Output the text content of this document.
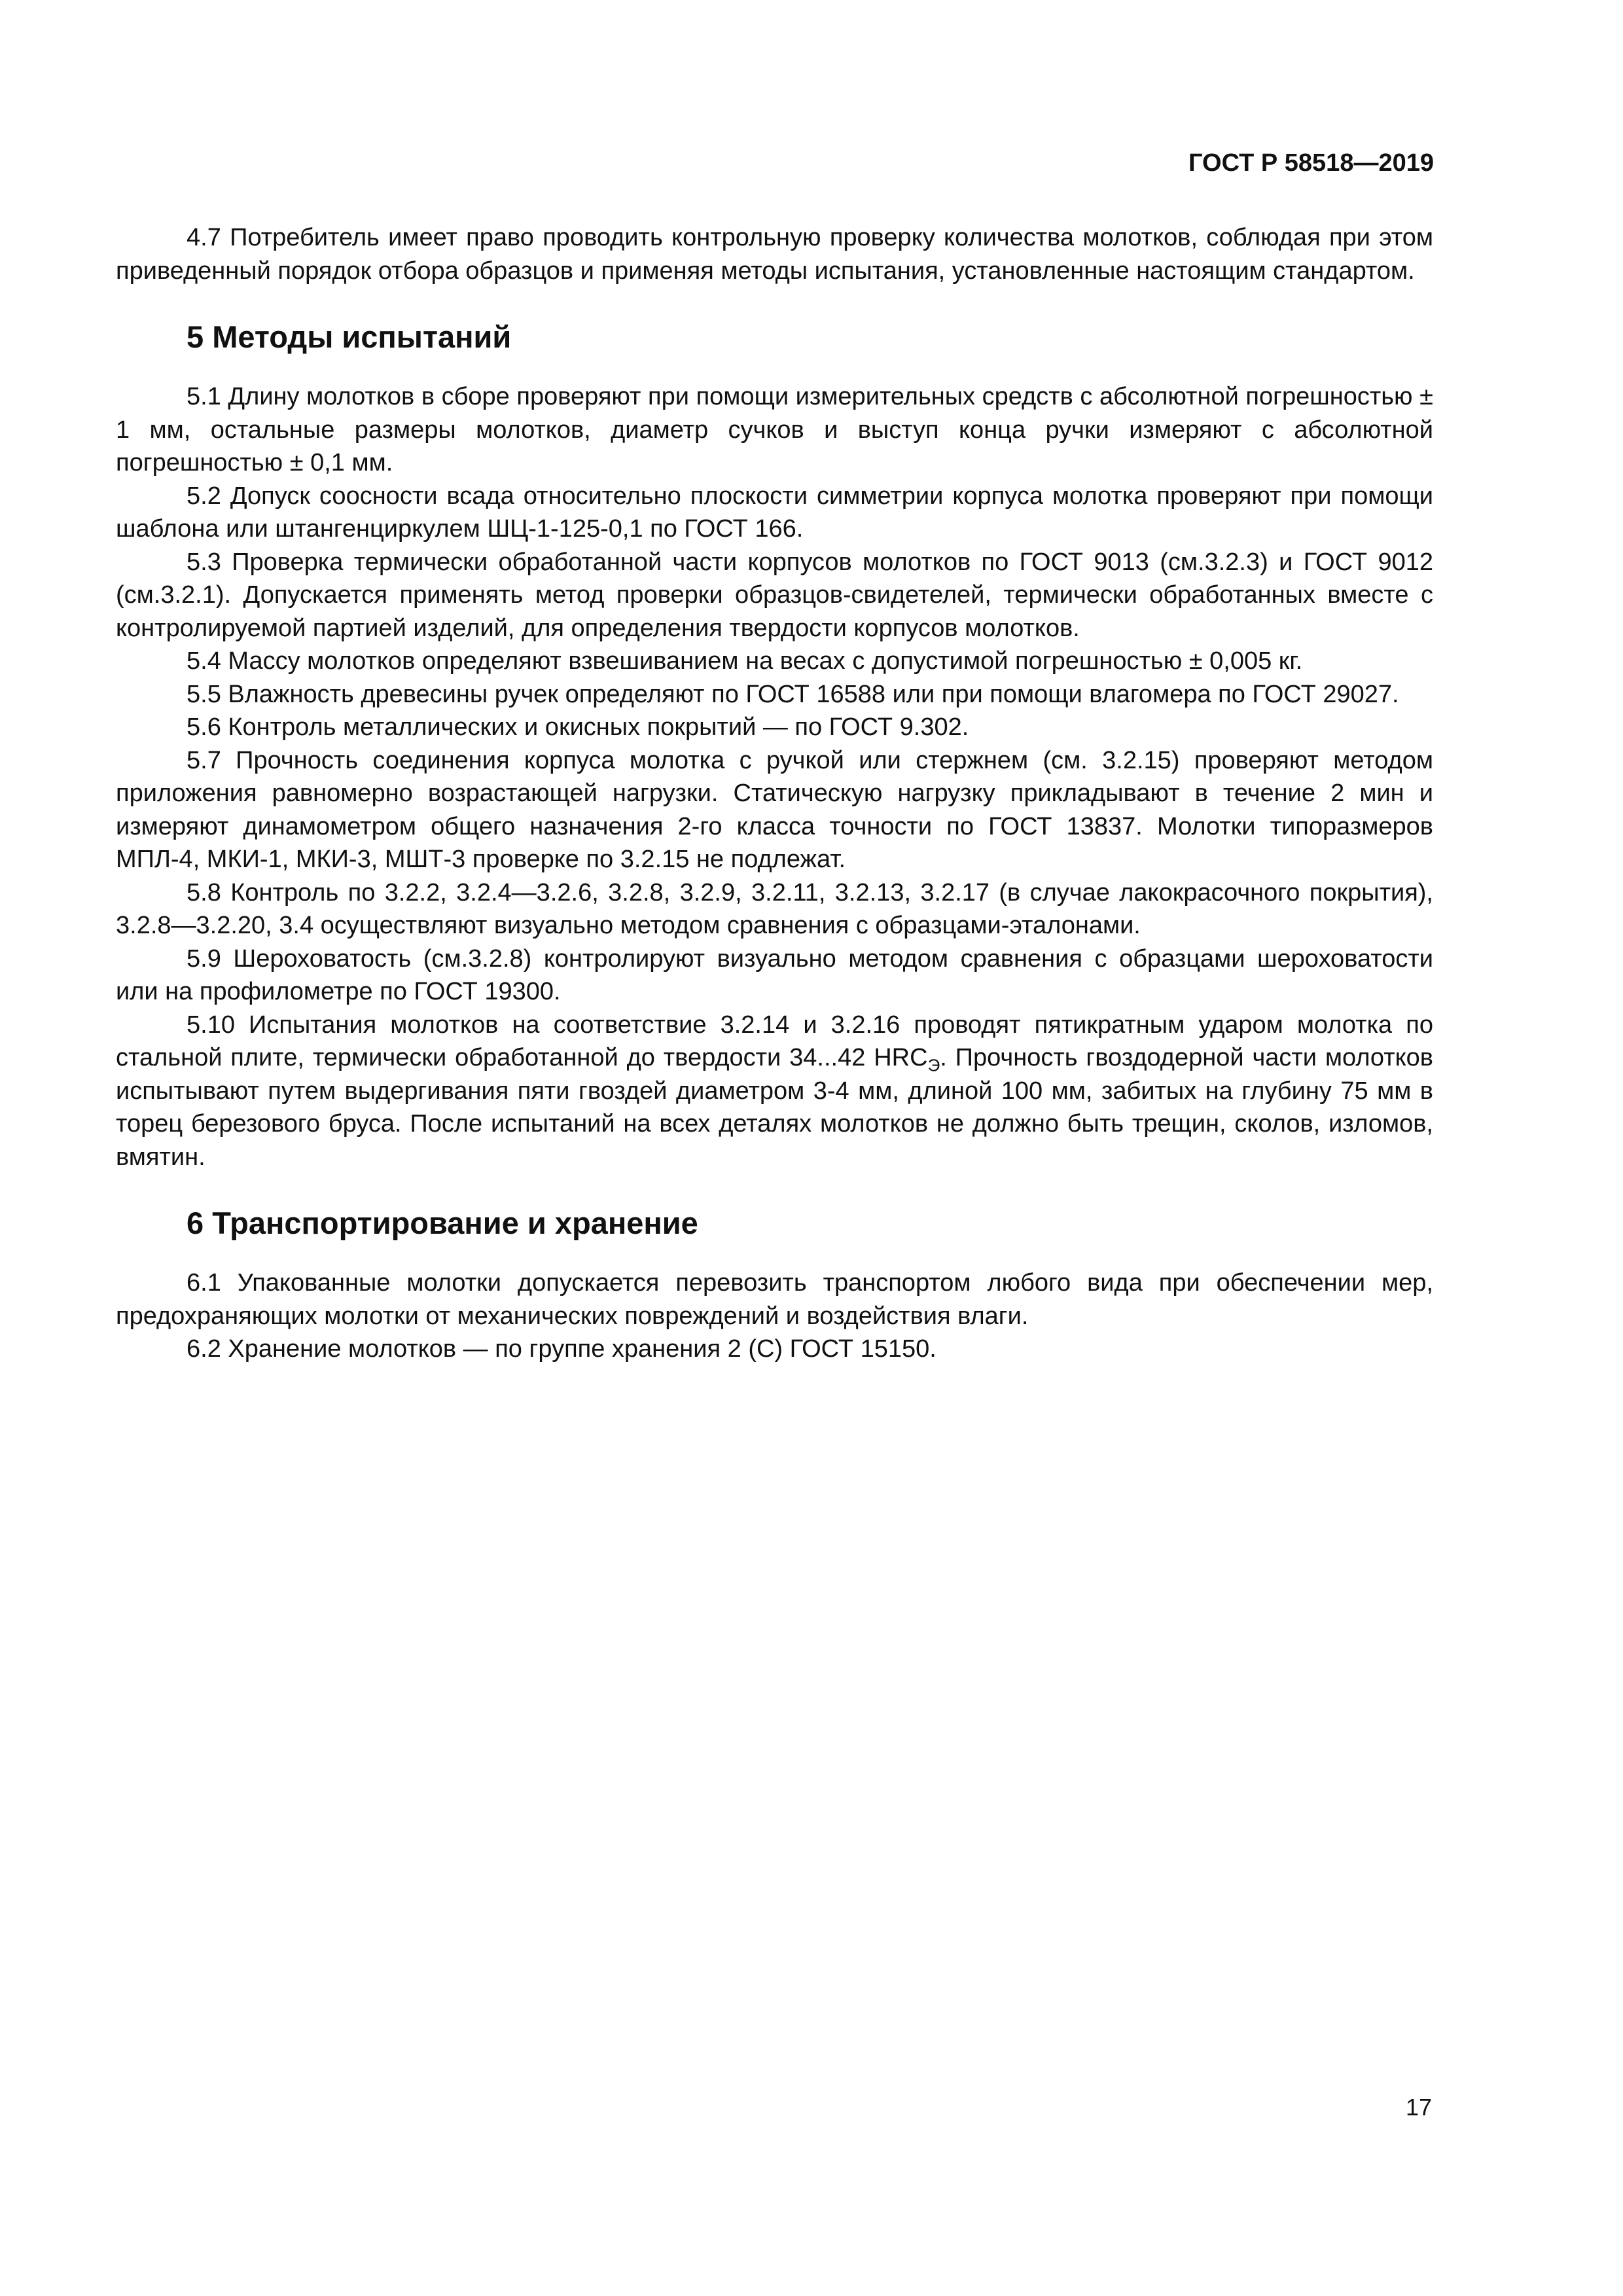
ГОСТ Р 58518—2019

4.7 Потребитель имеет право проводить контрольную проверку количества молотков, соблюдая при этом приведенный порядок отбора образцов и применяя методы испытания, установленные настоящим стандартом.

5 Методы испытаний

5.1 Длину молотков в сборе проверяют при помощи измерительных средств с абсолютной погрешностью ± 1 мм, остальные размеры молотков, диаметр сучков и выступ конца ручки измеряют с абсолютной погрешностью ± 0,1 мм.

5.2 Допуск соосности всада относительно плоскости симметрии корпуса молотка проверяют при помощи шаблона или штангенциркулем ШЦ-1-125-0,1 по ГОСТ 166.

5.3 Проверка термически обработанной части корпусов молотков по ГОСТ 9013 (см.3.2.3) и ГОСТ 9012 (см.3.2.1). Допускается применять метод проверки образцов-свидетелей, термически обработанных вместе с контролируемой партией изделий, для определения твердости корпусов молотков.

5.4 Массу молотков определяют взвешиванием на весах с допустимой погрешностью ± 0,005 кг.

5.5 Влажность древесины ручек определяют по ГОСТ 16588 или при помощи влагомера по ГОСТ 29027.

5.6 Контроль металлических и окисных покрытий — по ГОСТ 9.302.

5.7 Прочность соединения корпуса молотка с ручкой или стержнем (см. 3.2.15) проверяют методом приложения равномерно возрастающей нагрузки. Статическую нагрузку прикладывают в течение 2 мин и измеряют динамометром общего назначения 2-го класса точности по ГОСТ 13837. Молотки типоразмеров МПЛ-4, МКИ-1, МКИ-3, МШТ-3 проверке по 3.2.15 не подлежат.

5.8 Контроль по 3.2.2, 3.2.4—3.2.6, 3.2.8, 3.2.9, 3.2.11, 3.2.13, 3.2.17 (в случае лакокрасочного покрытия), 3.2.8—3.2.20, 3.4 осуществляют визуально методом сравнения с образцами-эталонами.

5.9 Шероховатость (см.3.2.8) контролируют визуально методом сравнения с образцами шероховатости или на профилометре по ГОСТ 19300.

5.10 Испытания молотков на соответствие 3.2.14 и 3.2.16 проводят пятикратным ударом молотка по стальной плите, термически обработанной до твердости 34...42 $HRC_Э$. Прочность гвоздодерной части молотков испытывают путем выдергивания пяти гвоздей диаметром 3-4 мм, длиной 100 мм, забитых на глубину 75 мм в торец березового бруса. После испытаний на всех деталях молотков не должно быть трещин, сколов, изломов, вмятин.

6 Транспортирование и хранение

6.1 Упакованные молотки допускается перевозить транспортом любого вида при обеспечении мер, предохраняющих молотки от механических повреждений и воздействия влаги.

6.2 Хранение молотков — по группе хранения 2 (С) ГОСТ 15150.

17
